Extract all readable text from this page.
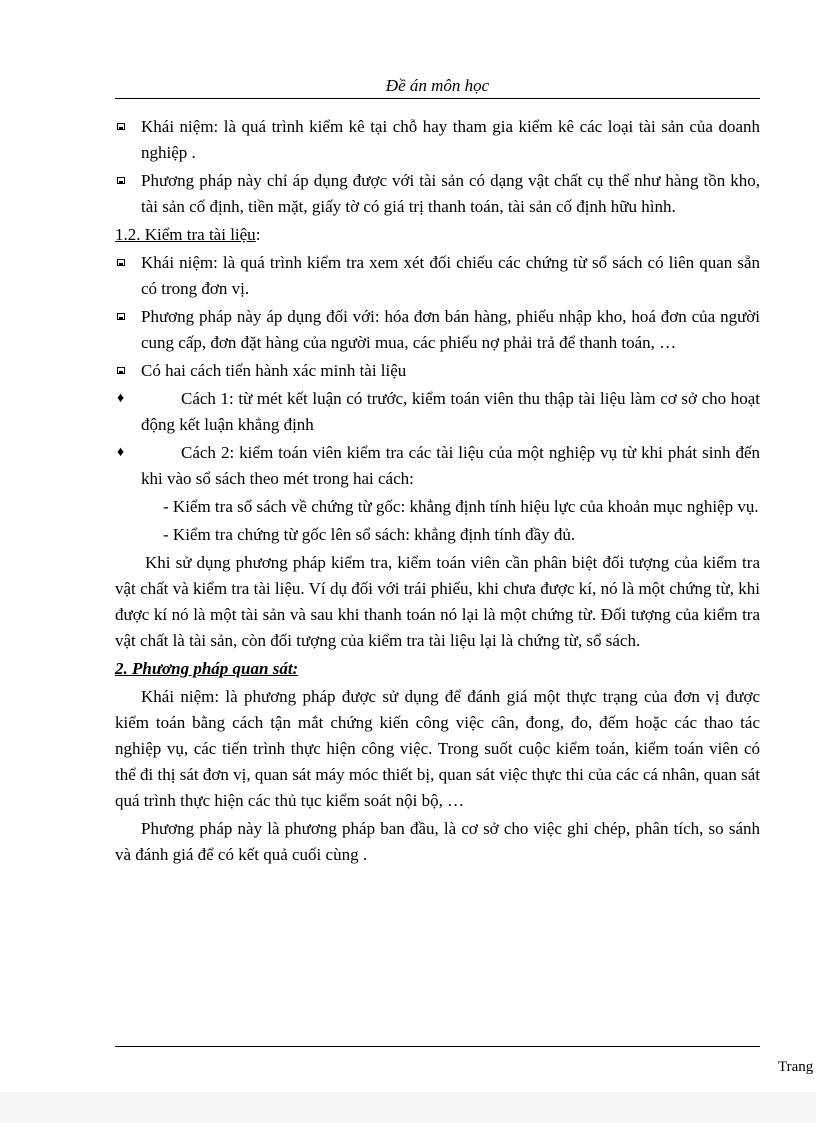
Đề án môn học

Khái niệm: là quá trình kiểm kê tại chỗ hay tham gia kiểm kê các loại tài sản của doanh nghiệp .

Phương pháp này chỉ áp dụng được với tài sản có dạng vật chất cụ thể như hàng tồn kho, tài sản cố định, tiền mặt, giấy tờ có giá trị thanh toán, tài sản cố định hữu hình.

1.2. Kiểm tra tài liệu:

Khái niệm: là quá trình kiểm tra xem xét đối chiếu các chứng từ sổ sách có liên quan sẵn có trong đơn vị.

Phương pháp này áp dụng đối với: hóa đơn bán hàng, phiếu nhập kho, hoá đơn của người cung cấp, đơn đặt hàng của người mua, các phiếu nợ phải trả để thanh toán, …

Có hai cách tiến hành xác minh tài liệu

♦	Cách 1: từ mét kết luận có trước, kiểm toán viên thu thập tài liệu làm cơ sở cho hoạt động kết luận khẳng định

♦	Cách 2: kiểm toán viên kiểm tra các tài liệu của một nghiệp vụ từ khi phát sinh đến khi vào sổ sách theo mét trong hai cách:

- Kiểm tra sổ sách về chứng từ gốc: khẳng định tính hiệu lực của khoản mục nghiệp vụ.

- Kiểm tra chứng từ gốc lên sổ sách: khẳng định tính đầy đủ.

Khi sử dụng phương pháp kiểm tra, kiểm toán viên cần phân biệt đối tượng của kiểm tra vật chất và kiểm tra tài liệu. Ví dụ đối với trái phiếu, khi chưa được kí, nó là một chứng từ, khi được kí nó là một tài sản và sau khi thanh toán nó lại là một chứng từ. Đối tượng của kiểm tra vật chất là tài sản, còn đối tượng của kiểm tra tài liệu lại là chứng từ, sổ sách.

2. Phương pháp quan sát:

Khái niệm: là phương pháp được sử dụng để đánh giá một thực trạng của đơn vị được kiểm toán bằng cách tận mắt chứng kiến công việc cân, đong, đo, đếm hoặc các thao tác nghiệp vụ, các tiến trình thực hiện công việc. Trong suốt cuộc kiểm toán, kiểm toán viên có thể đi thị sát đơn vị, quan sát máy móc thiết bị, quan sát việc thực thi của các cá nhân, quan sát quá trình thực hiện các thủ tục kiểm soát nội bộ, …

Phương pháp này là phương pháp ban đầu, là cơ sở cho việc ghi chép, phân tích, so sánh và đánh giá để có kết quả cuối cùng .

Trang
